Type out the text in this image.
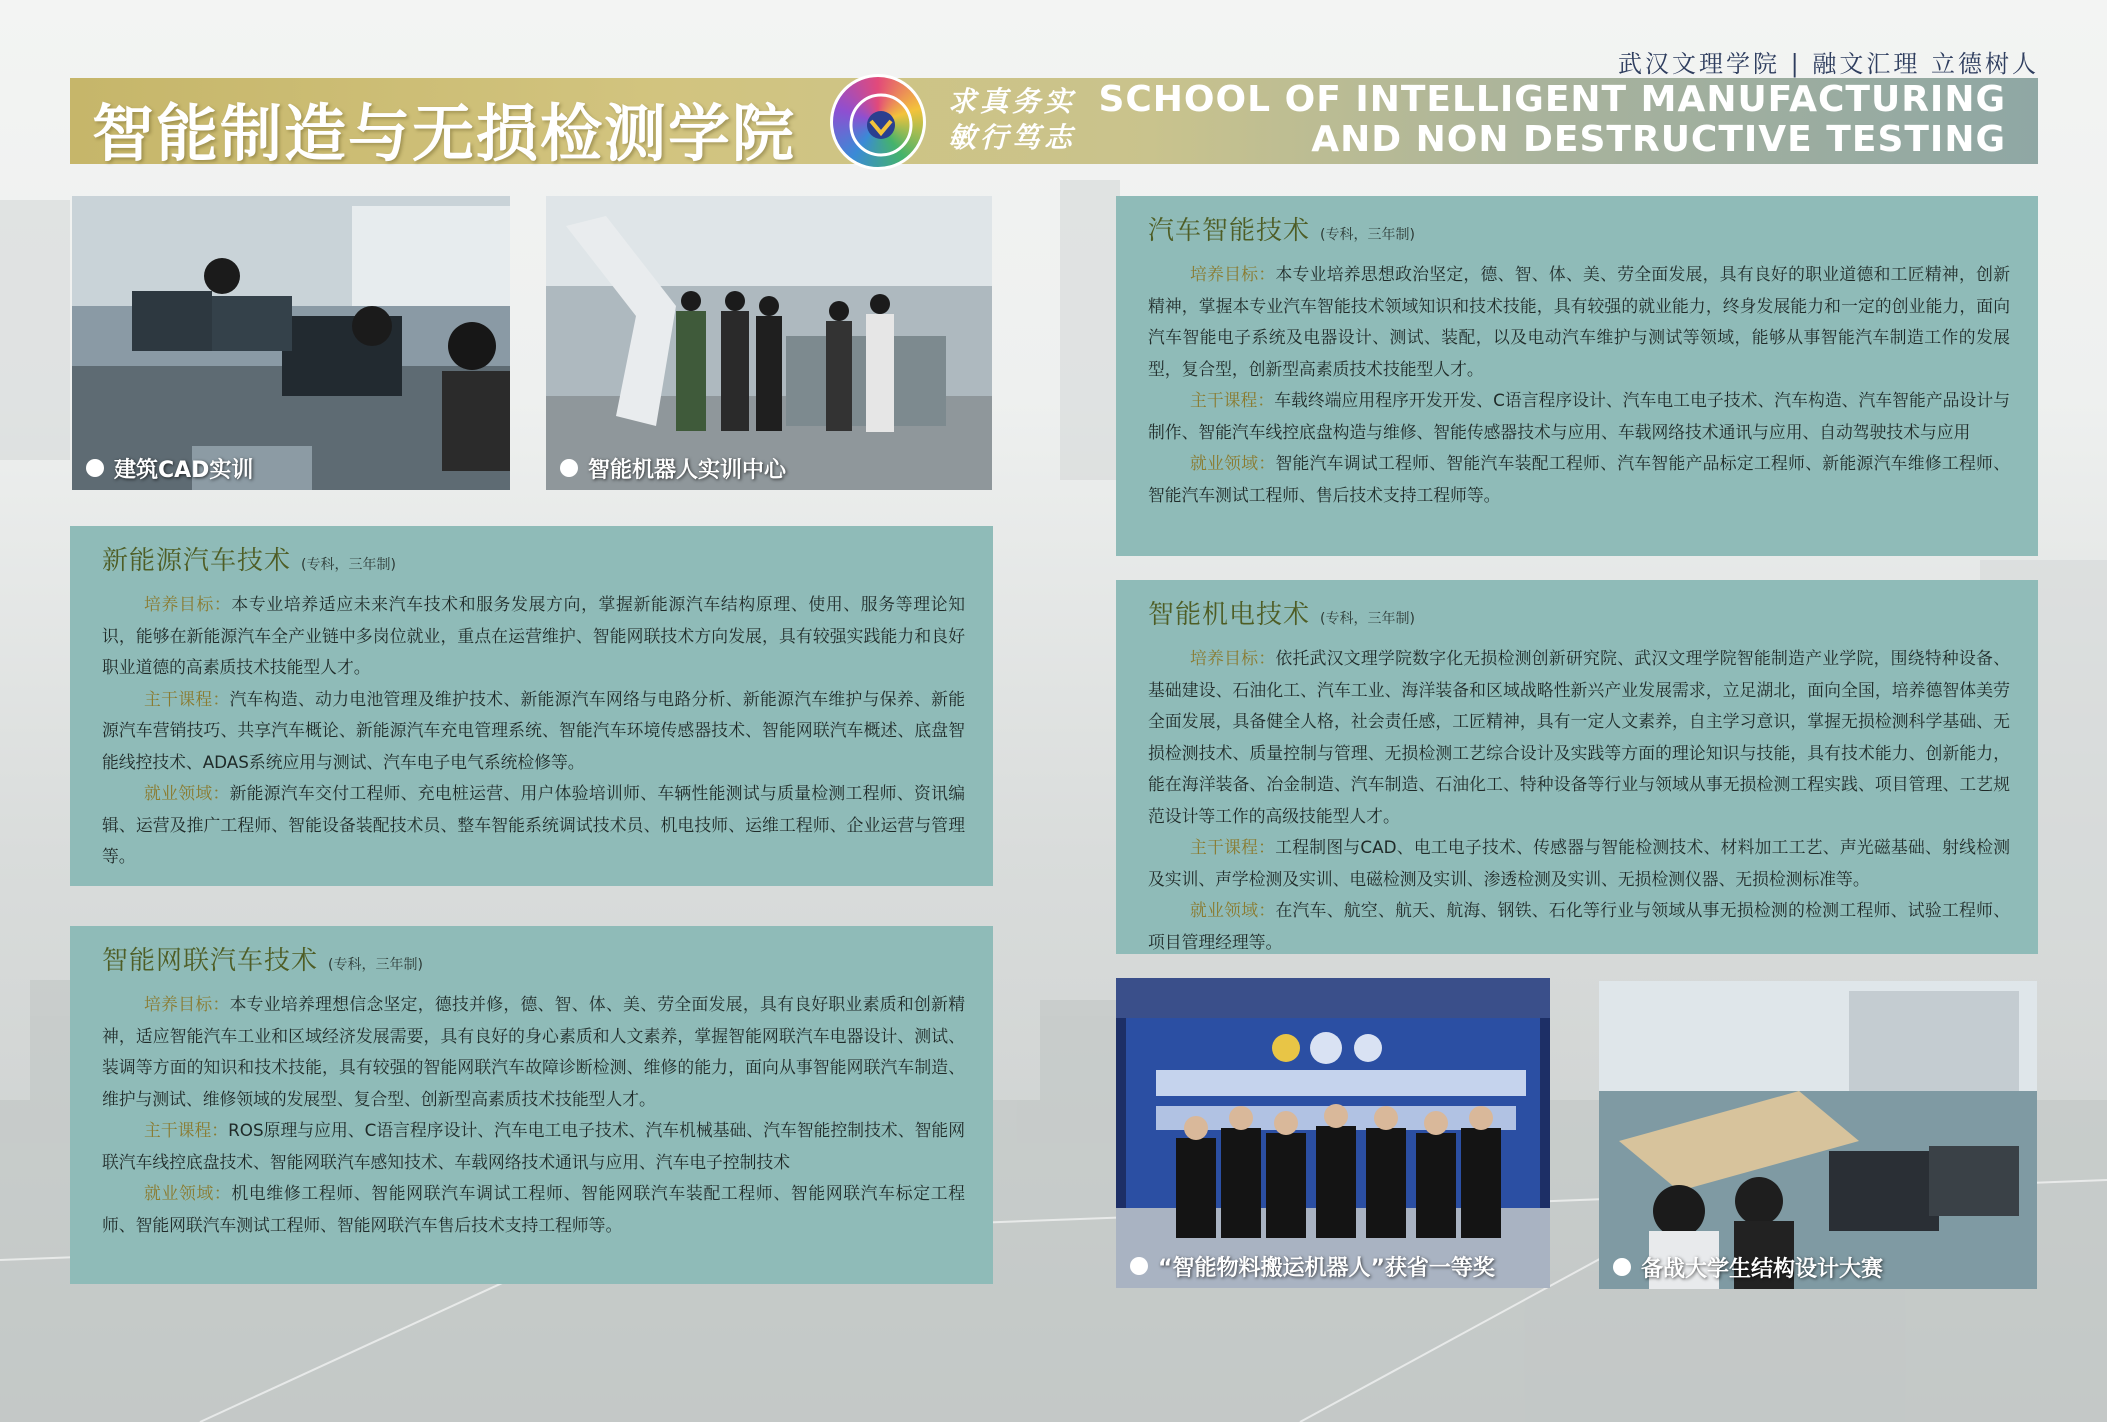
武汉文理学院 | 融文汇理 立德树人
智能制造与无损检测学院	求真务实
敏行笃志
SCHOOL OF INTELLIGENT MANUFACTURING
AND NON DESTRUCTIVE TESTING
建筑CAD实训	智能机器人实训中心
新能源汽车技术 (专科，三年制)

培养目标：本专业培养适应未来汽车技术和服务发展方向，掌握新能源汽车结构原理、使用、服务等理论知识，能够在新能源汽车全产业链中多岗位就业，重点在运营维护、智能网联技术方向发展，具有较强实践能力和良好职业道德的高素质技术技能型人才。

主干课程：汽车构造、动力电池管理及维护技术、新能源汽车网络与电路分析、新能源汽车维护与保养、新能源汽车营销技巧、共享汽车概论、新能源汽车充电管理系统、智能汽车环境传感器技术、智能网联汽车概述、底盘智能线控技术、ADAS系统应用与测试、汽车电子电气系统检修等。

就业领域：新能源汽车交付工程师、充电桩运营、用户体验培训师、车辆性能测试与质量检测工程师、资讯编辑、运营及推广工程师、智能设备装配技术员、整车智能系统调试技术员、机电技师、运维工程师、企业运营与管理等。

智能网联汽车技术 (专科，三年制)

培养目标：本专业培养理想信念坚定，德技并修，德、智、体、美、劳全面发展，具有良好职业素质和创新精神，适应智能汽车工业和区域经济发展需要，具有良好的身心素质和人文素养，掌握智能网联汽车电器设计、测试、装调等方面的知识和技术技能，具有较强的智能网联汽车故障诊断检测、维修的能力，面向从事智能网联汽车制造、维护与测试、维修领域的发展型、复合型、创新型高素质技术技能型人才。

主干课程：ROS原理与应用、C语言程序设计、汽车电工电子技术、汽车机械基础、汽车智能控制技术、智能网联汽车线控底盘技术、智能网联汽车感知技术、车载网络技术通讯与应用、汽车电子控制技术

就业领域：机电维修工程师、智能网联汽车调试工程师、智能网联汽车装配工程师、智能网联汽车标定工程师、智能网联汽车测试工程师、智能网联汽车售后技术支持工程师等。

汽车智能技术 (专科，三年制)

培养目标：本专业培养思想政治坚定，德、智、体、美、劳全面发展，具有良好的职业道德和工匠精神，创新精神，掌握本专业汽车智能技术领域知识和技术技能，具有较强的就业能力，终身发展能力和一定的创业能力，面向汽车智能电子系统及电器设计、测试、装配，以及电动汽车维护与测试等领域，能够从事智能汽车制造工作的发展型，复合型，创新型高素质技术技能型人才。

主干课程：车载终端应用程序开发开发、C语言程序设计、汽车电工电子技术、汽车构造、汽车智能产品设计与制作、智能汽车线控底盘构造与维修、智能传感器技术与应用、车载网络技术通讯与应用、自动驾驶技术与应用

就业领域：智能汽车调试工程师、智能汽车装配工程师、汽车智能产品标定工程师、新能源汽车维修工程师、智能汽车测试工程师、售后技术支持工程师等。

智能机电技术 (专科，三年制)

培养目标：依托武汉文理学院数字化无损检测创新研究院、武汉文理学院智能制造产业学院，围绕特种设备、基础建设、石油化工、汽车工业、海洋装备和区域战略性新兴产业发展需求，立足湖北，面向全国，培养德智体美劳全面发展，具备健全人格，社会责任感，工匠精神，具有一定人文素养，自主学习意识，掌握无损检测科学基础、无损检测技术、质量控制与管理、无损检测工艺综合设计及实践等方面的理论知识与技能，具有技术能力、创新能力，能在海洋装备、冶金制造、汽车制造、石油化工、特种设备等行业与领域从事无损检测工程实践、项目管理、工艺规范设计等工作的高级技能型人才。

主干课程：工程制图与CAD、电工电子技术、传感器与智能检测技术、材料加工工艺、声光磁基础、射线检测及实训、声学检测及实训、电磁检测及实训、渗透检测及实训、无损检测仪器、无损检测标准等。

就业领域：在汽车、航空、航天、航海、钢铁、石化等行业与领域从事无损检测的检测工程师、试验工程师、项目管理经理等。

“智能物料搬运机器人”获省一等奖	备战大学生结构设计大赛
